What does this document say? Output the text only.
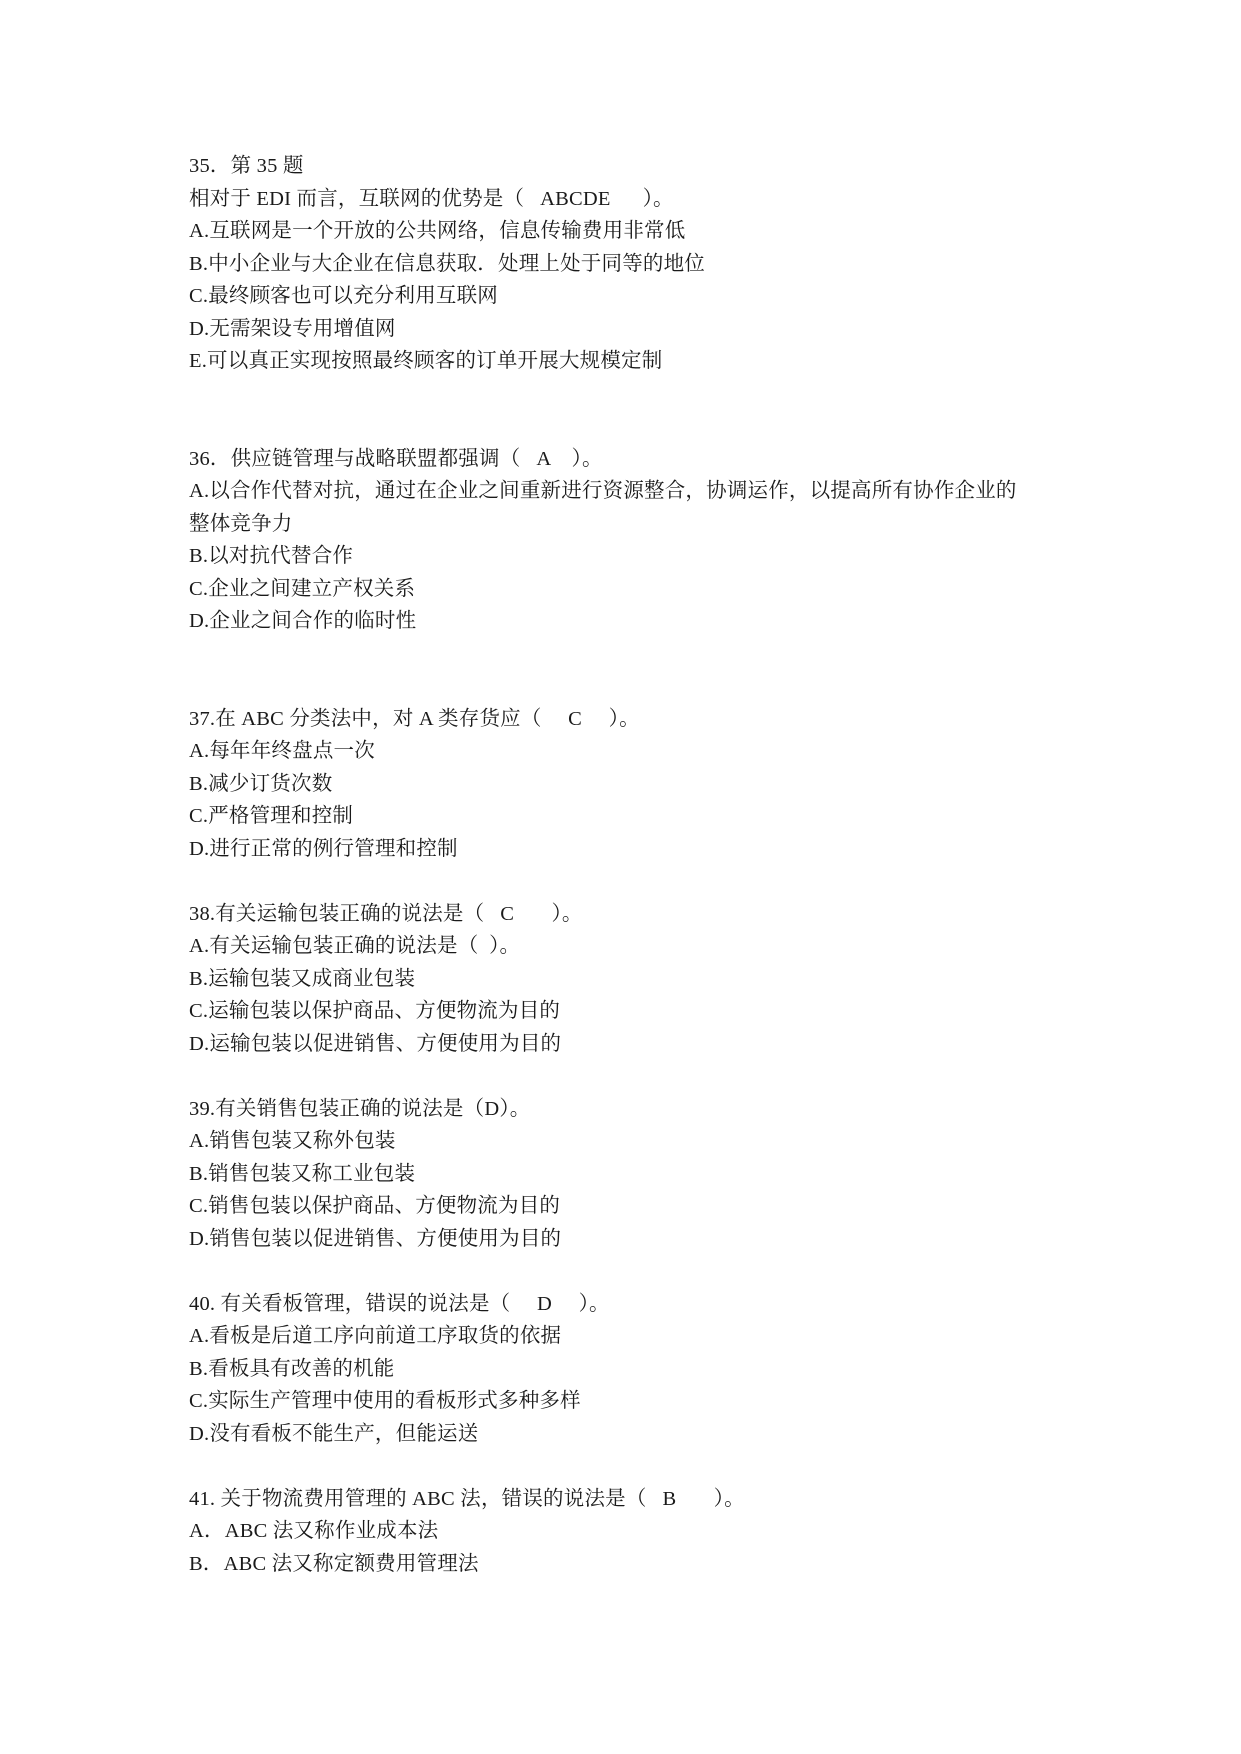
35．第 35 题
相对于 EDI 而言，互联网的优势是（   ABCDE      ）。
A.互联网是一个开放的公共网络，信息传输费用非常低
B.中小企业与大企业在信息获取．处理上处于同等的地位
C.最终顾客也可以充分利用互联网
D.无需架设专用增值网
E.可以真正实现按照最终顾客的订单开展大规模定制
36．供应链管理与战略联盟都强调（   A    ）。
A.以合作代替对抗，通过在企业之间重新进行资源整合，协调运作，以提高所有协作企业的
整体竞争力
B.以对抗代替合作
C.企业之间建立产权关系
D.企业之间合作的临时性
37.在 ABC 分类法中，对 A 类存货应（     C     ）。
A.每年年终盘点一次
B.减少订货次数
C.严格管理和控制
D.进行正常的例行管理和控制
38.有关运输包装正确的说法是（   C       ）。
A.有关运输包装正确的说法是（  ）。
B.运输包装又成商业包装
C.运输包装以保护商品、方便物流为目的
D.运输包装以促进销售、方便使用为目的
39.有关销售包装正确的说法是（D）。
A.销售包装又称外包装
B.销售包装又称工业包装
C.销售包装以保护商品、方便物流为目的
D.销售包装以促进销售、方便使用为目的
40. 有关看板管理，错误的说法是（     D     ）。
A.看板是后道工序向前道工序取货的依据
B.看板具有改善的机能
C.实际生产管理中使用的看板形式多种多样
D.没有看板不能生产，但能运送
41. 关于物流费用管理的 ABC 法，错误的说法是（   B       ）。
A．ABC 法又称作业成本法
B．ABC 法又称定额费用管理法
